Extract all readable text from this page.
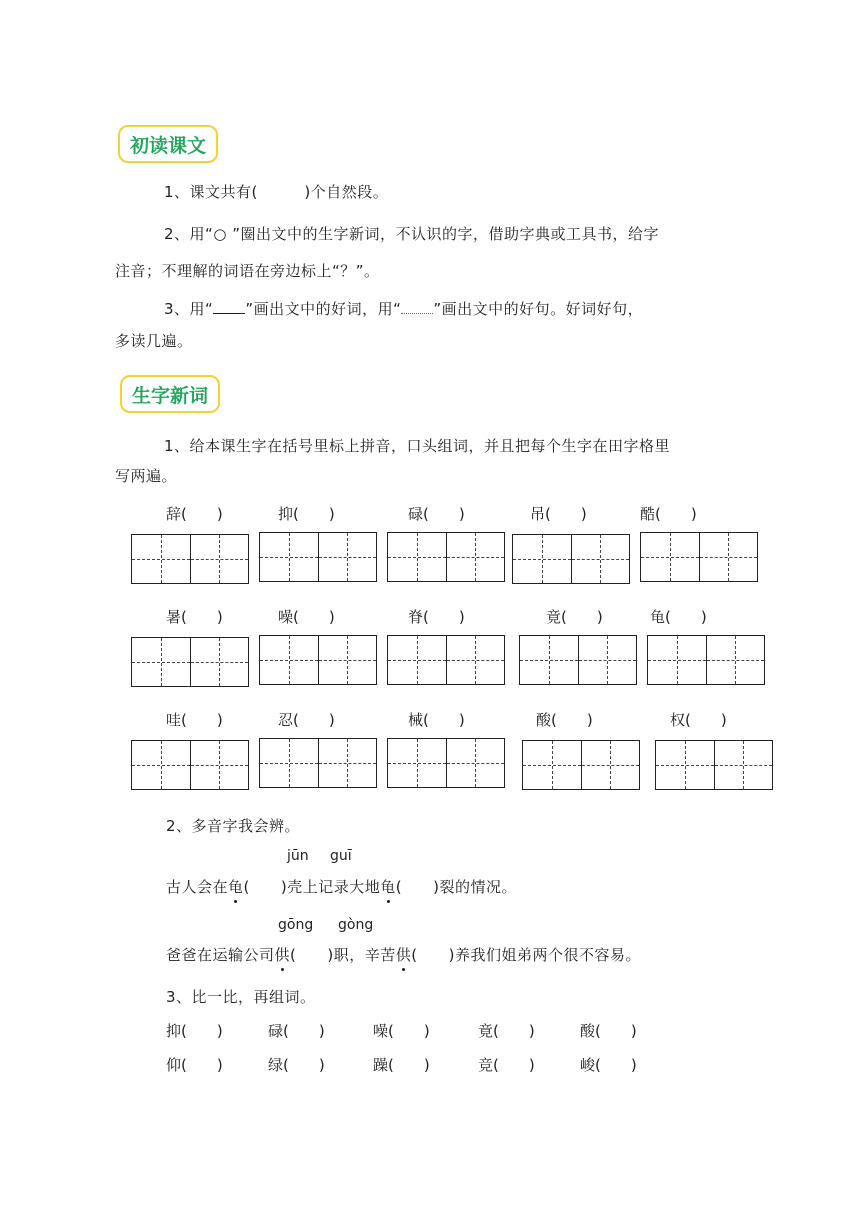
初读课文
1、课文共有(　　　)个自然段。
2、用“○ ”圈出文中的生字新词，不认识的字，借助字典或工具书，给字
注音；不理解的词语在旁边标上“？”。
3、用“ ”画出文中的好词，用“ ”画出文中的好句。好词好句，
多读几遍。
生字新词
1、给本课生字在括号里标上拼音，口头组词，并且把每个生字在田字格里
写两遍。
辞(　　)	抑(　　)	碌(　　)	吊(　　)	酷(　　)
暑(　　)	噪(　　)	脊(　　)	竟(　　)	龟(　　)
哇(　　)	忍(　　)	械(　　)	酸(　　)	权(　　)
2、多音字我会辨。
jūn guī
古人会在龟(　　)壳上记录大地龟(　　)裂的情况。
gōng gòng
爸爸在运输公司供(　　)职，辛苦供(　　)养我们姐弟两个很不容易。
3、比一比，再组词。
抑(　　)	碌(　　)	噪(　　)	竟(　　)	酸(　　)
仰(　　)	绿(　　)	躁(　　)	竞(　　)	峻(　　)
